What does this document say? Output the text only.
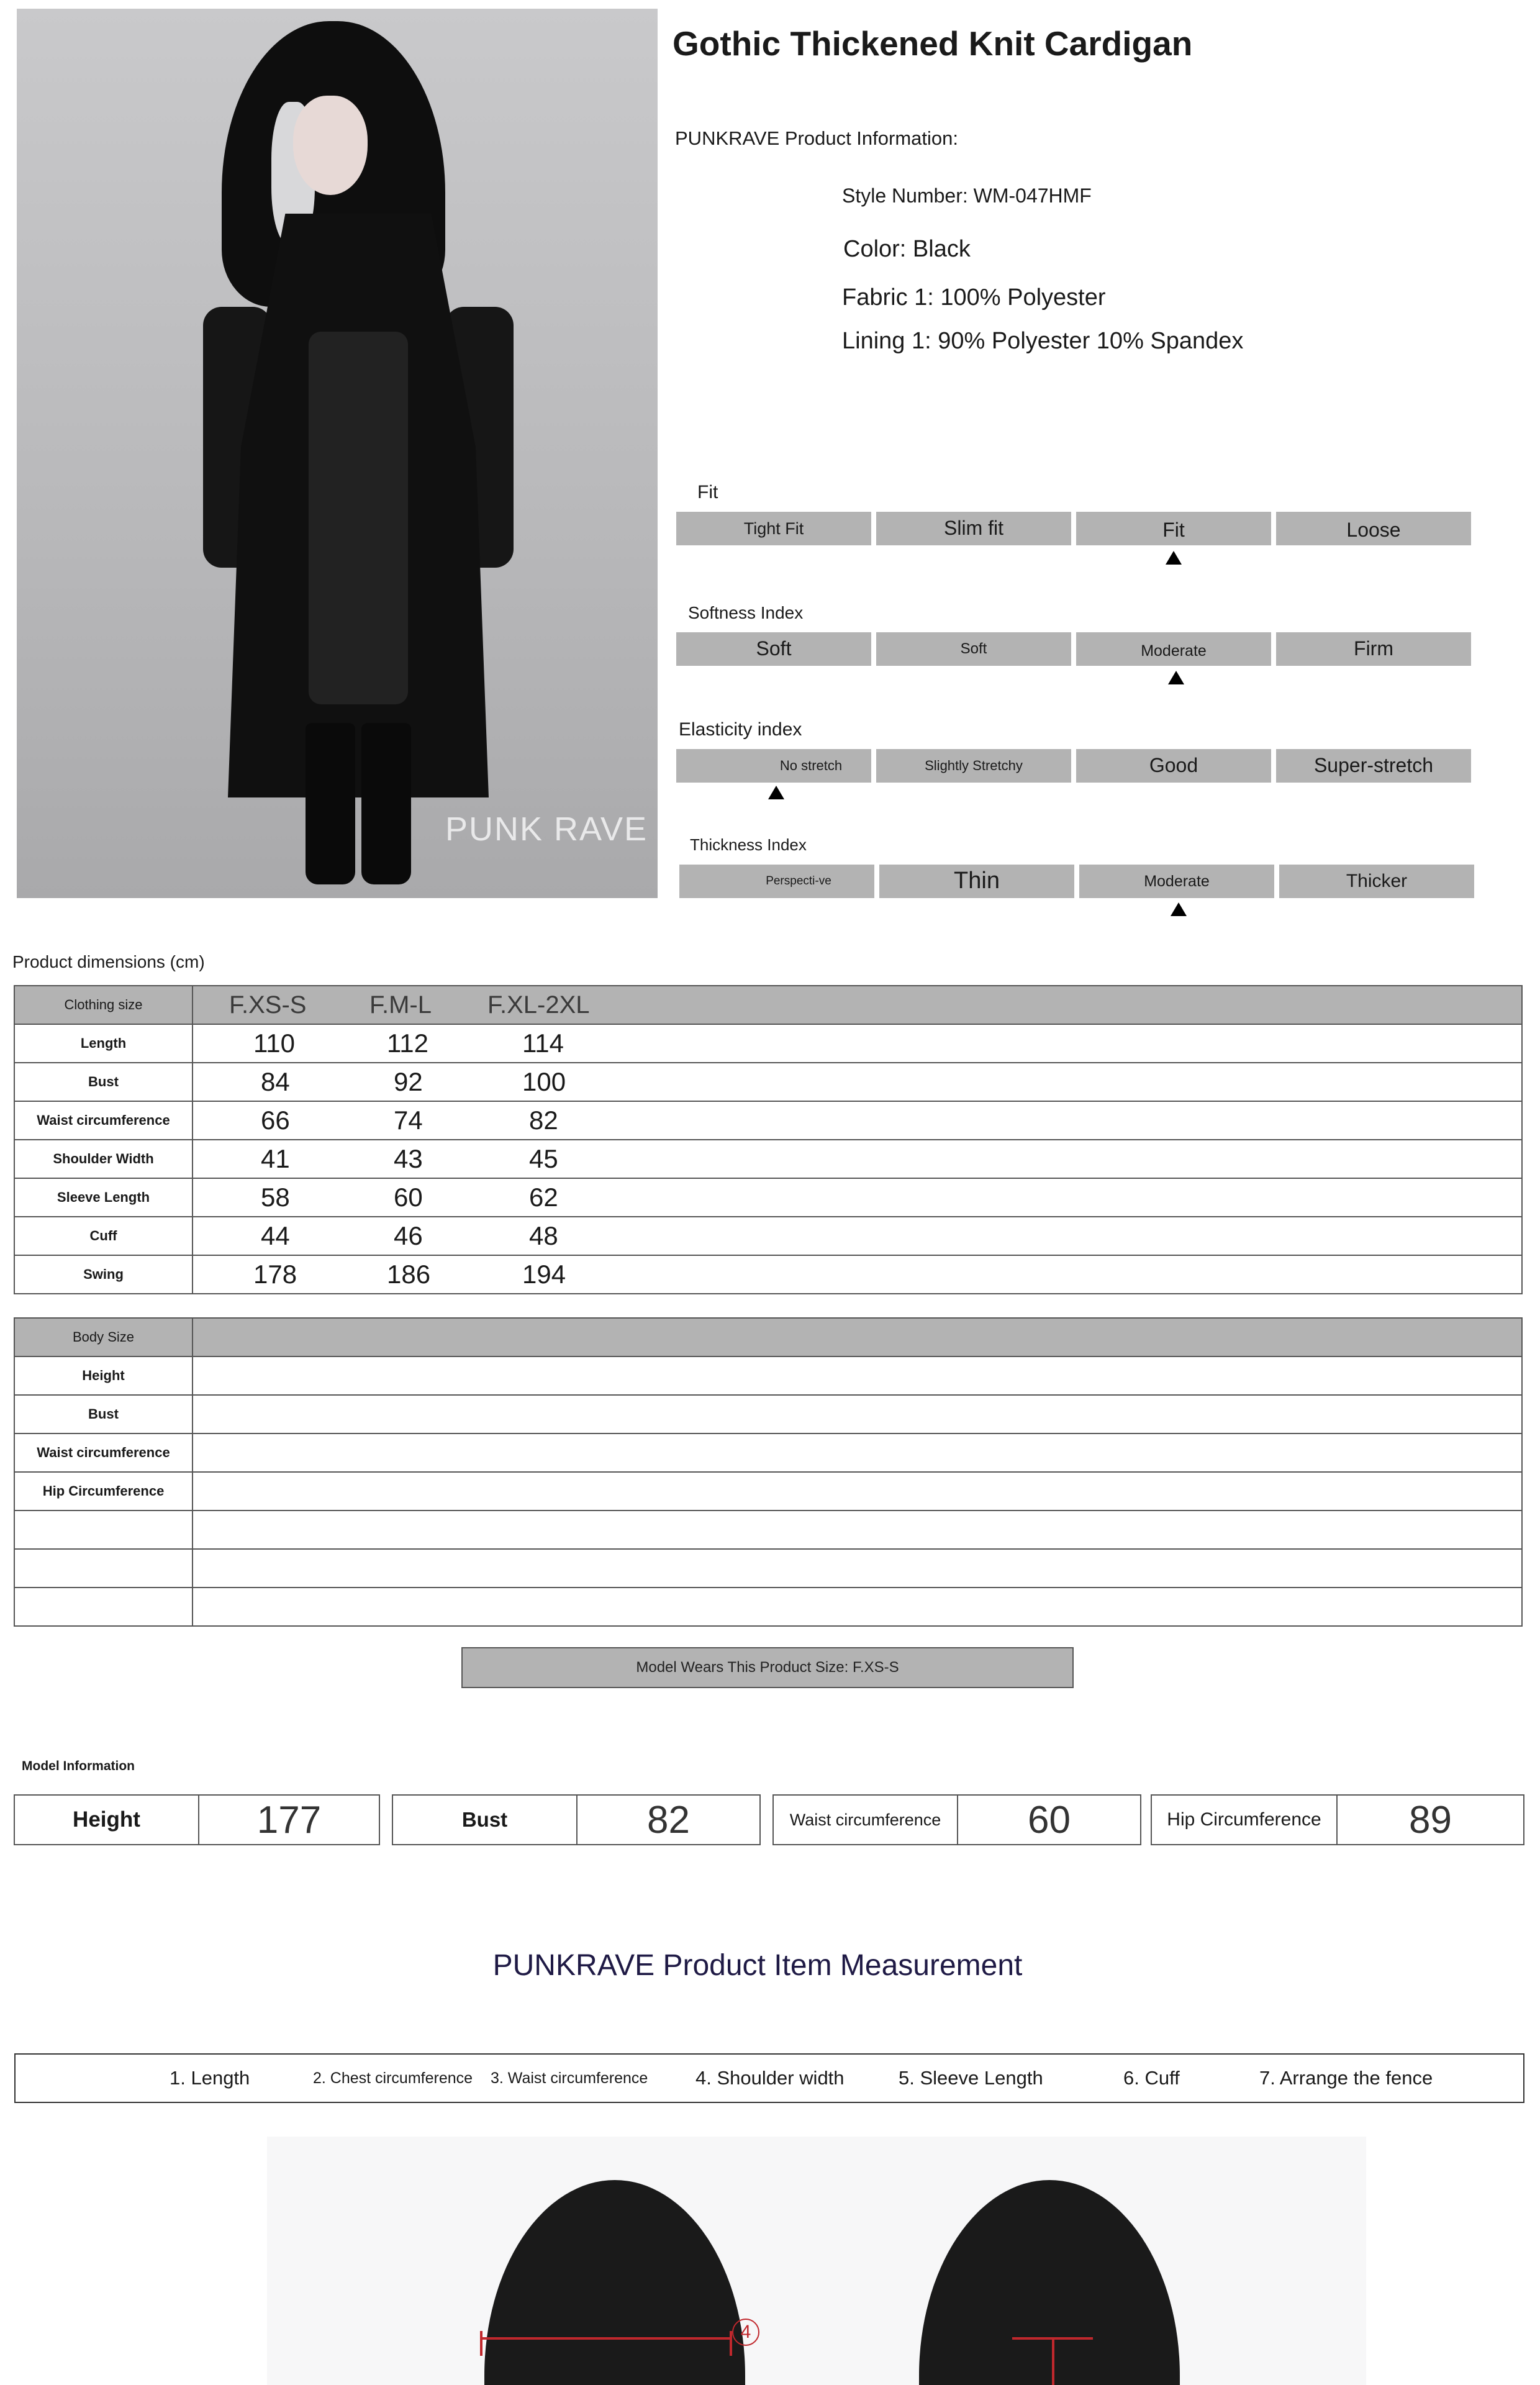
PUNK RAVE
Gothic Thickened Knit Cardigan
PUNKRAVE Product Information:
Style Number: WM-047HMF
Color: Black
Fabric 1: 100% Polyester
Lining 1: 90% Polyester 10% Spandex
Fit
Tight Fit	Slim fit	Fit	Loose
Softness Index
Soft	Soft	Moderate	Firm
Elasticity index
No stretch	Slightly Stretchy	Good	Super-stretch
Thickness Index
Perspecti-ve	Thin	Moderate	Thicker
Product dimensions (cm)
Clothing size	F.XS-S F.M-L F.XL-2XL

Length	110 112 114

Bust	84 92 100

Waist circumference	66 74 82

Shoulder Width	41 43 45

Sleeve Length	58 60 62

Cuff	44 46 48

Swing	178 186 194
Body Size	
Height	
Bust	
Waist circumference	
Hip Circumference	

Model Wears This Product Size: F.XS-S
Model Information
Height	177	Bust	82	Waist circumference	60	Hip Circumference	89
PUNKRAVE Product Item Measurement
1. Length	2. Chest circumference 3. Waist circumference 4. Shoulder width	5. Sleeve Length	6. Cuff	7. Arrange the fence
4
